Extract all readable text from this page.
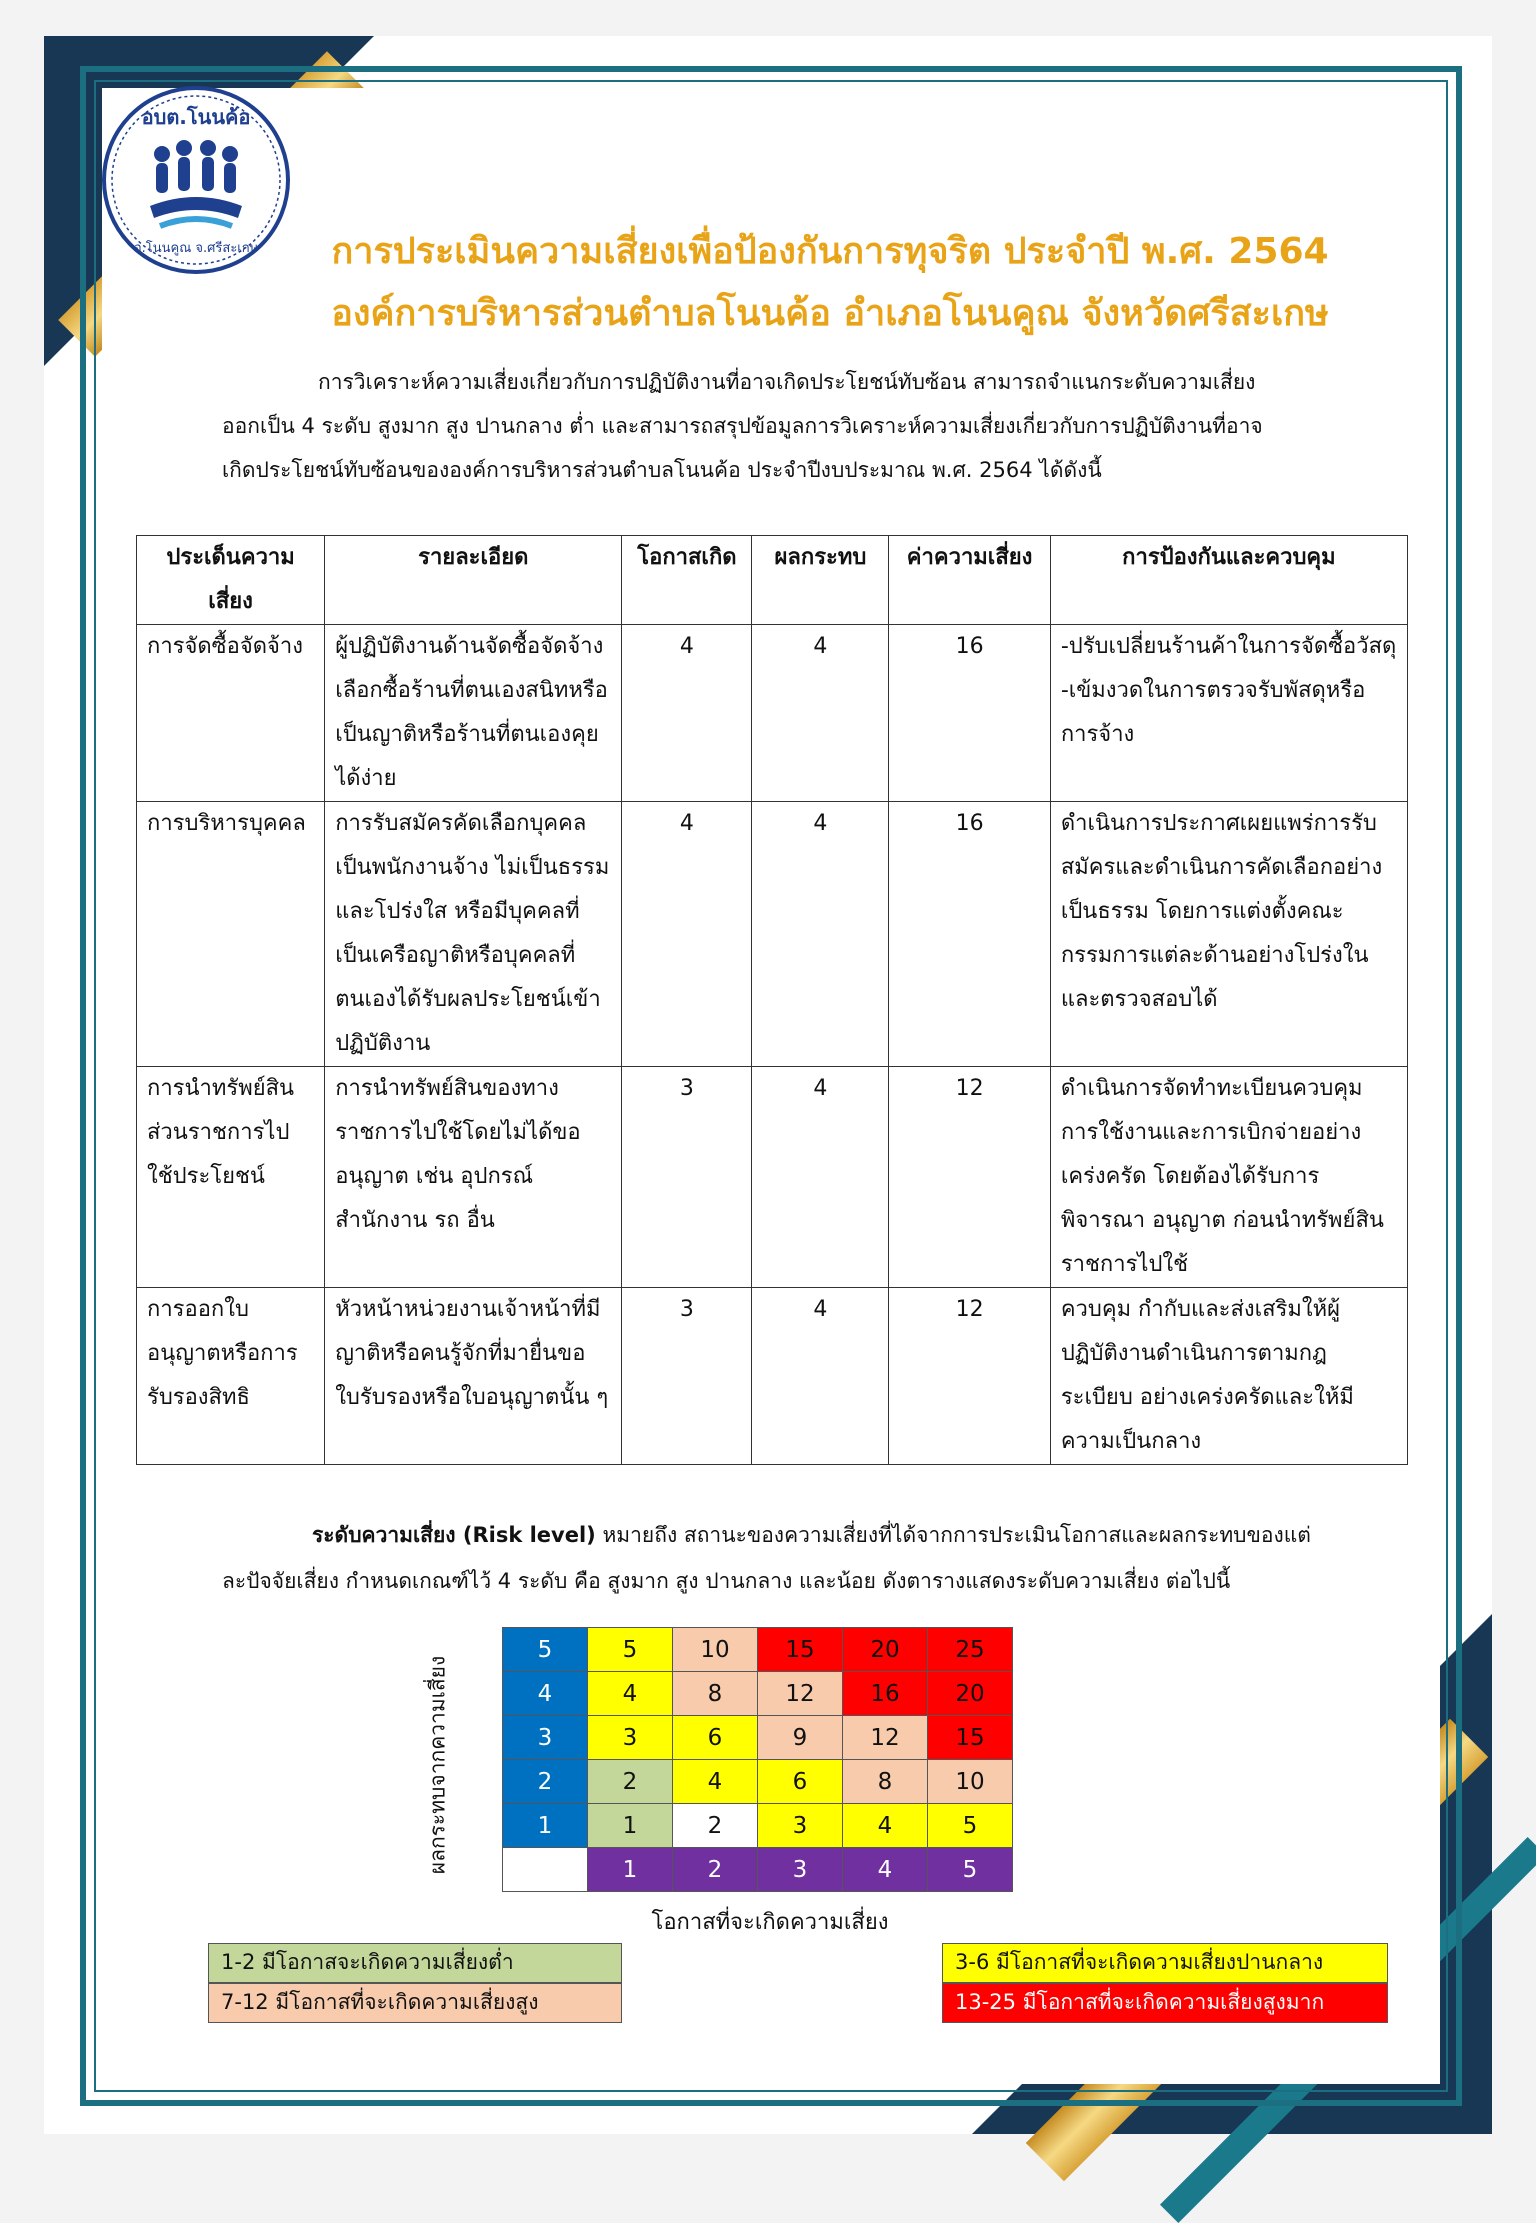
อบต.โนนค้อ
อ.โนนคูณ จ.ศรีสะเกษ	การประเมินความเสี่ยงเพื่อป้องกันการทุจริต ประจำปี พ.ศ. 2564
องค์การบริหารส่วนตำบลโนนค้อ อำเภอโนนคูณ จังหวัดศรีสะเกษ
การวิเคราะห์ความเสี่ยงเกี่ยวกับการปฏิบัติงานที่อาจเกิดประโยชน์ทับซ้อน สามารถจำแนกระดับความเสี่ยง
ออกเป็น 4 ระดับ สูงมาก สูง ปานกลาง ต่ำ และสามารถสรุปข้อมูลการวิเคราะห์ความเสี่ยงเกี่ยวกับการปฏิบัติงานที่อาจ
เกิดประโยชน์ทับซ้อนขององค์การบริหารส่วนตำบลโนนค้อ ประจำปีงบประมาณ พ.ศ. 2564 ได้ดังนี้
ประเด็นความเสี่ยง	รายละเอียด	โอกาสเกิด	ผลกระทบ	ค่าความเสี่ยง	การป้องกันและควบคุม
การจัดซื้อจัดจ้าง	ผู้ปฏิบัติงานด้านจัดซื้อจัดจ้างเลือกซื้อร้านที่ตนเองสนิทหรือเป็นญาติหรือร้านที่ตนเองคุยได้ง่าย	4	4	16	-ปรับเปลี่ยนร้านค้าในการจัดซื้อวัสดุ
-เข้มงวดในการตรวจรับพัสดุหรือการจ้าง
การบริหารบุคคล	การรับสมัครคัดเลือกบุคคลเป็นพนักงานจ้าง ไม่เป็นธรรมและโปร่งใส หรือมีบุคคลที่เป็นเครือญาติหรือบุคคลที่ตนเองได้รับผลประโยชน์เข้าปฏิบัติงาน	4	4	16	ดำเนินการประกาศเผยแพร่การรับสมัครและดำเนินการคัดเลือกอย่างเป็นธรรม โดยการแต่งตั้งคณะกรรมการแต่ละด้านอย่างโปร่งในและตรวจสอบได้
การนำทรัพย์สินส่วนราชการไปใช้ประโยชน์	การนำทรัพย์สินของทางราชการไปใช้โดยไม่ได้ขออนุญาต เช่น อุปกรณ์สำนักงาน รถ อื่น	3	4	12	ดำเนินการจัดทำทะเบียนควบคุมการใช้งานและการเบิกจ่ายอย่างเคร่งครัด โดยต้องได้รับการพิจารณา อนุญาต ก่อนนำทรัพย์สินราชการไปใช้
การออกใบอนุญาตหรือการรับรองสิทธิ	หัวหน้าหน่วยงานเจ้าหน้าที่มีญาติหรือคนรู้จักที่มายื่นขอใบรับรองหรือใบอนุญาตนั้น ๆ	3	4	12	ควบคุม กำกับและส่งเสริมให้ผู้ปฏิบัติงานดำเนินการตามกฎระเบียบ อย่างเคร่งครัดและให้มีความเป็นกลาง
ระดับความเสี่ยง (Risk level) หมายถึง สถานะของความเสี่ยงที่ได้จากการประเมินโอกาสและผลกระทบของแต่
ละปัจจัยเสี่ยง กำหนดเกณฑ์ไว้ 4 ระดับ คือ สูงมาก สูง ปานกลาง และน้อย ดังตารางแสดงระดับความเสี่ยง ต่อไปนี้
ผลกระทบจากความเสี่ยง
5	5	10	15	20	25
4	4	8	12	16	20
3	3	6	9	12	15
2	2	4	6	8	10
1	1	2	3	4	5
	1	2	3	4	5
โอกาสที่จะเกิดความเสี่ยง
1-2 มีโอกาสจะเกิดความเสี่ยงต่ำ
7-12 มีโอกาสที่จะเกิดความเสี่ยงสูง
3-6 มีโอกาสที่จะเกิดความเสี่ยงปานกลาง
13-25 มีโอกาสที่จะเกิดความเสี่ยงสูงมาก
